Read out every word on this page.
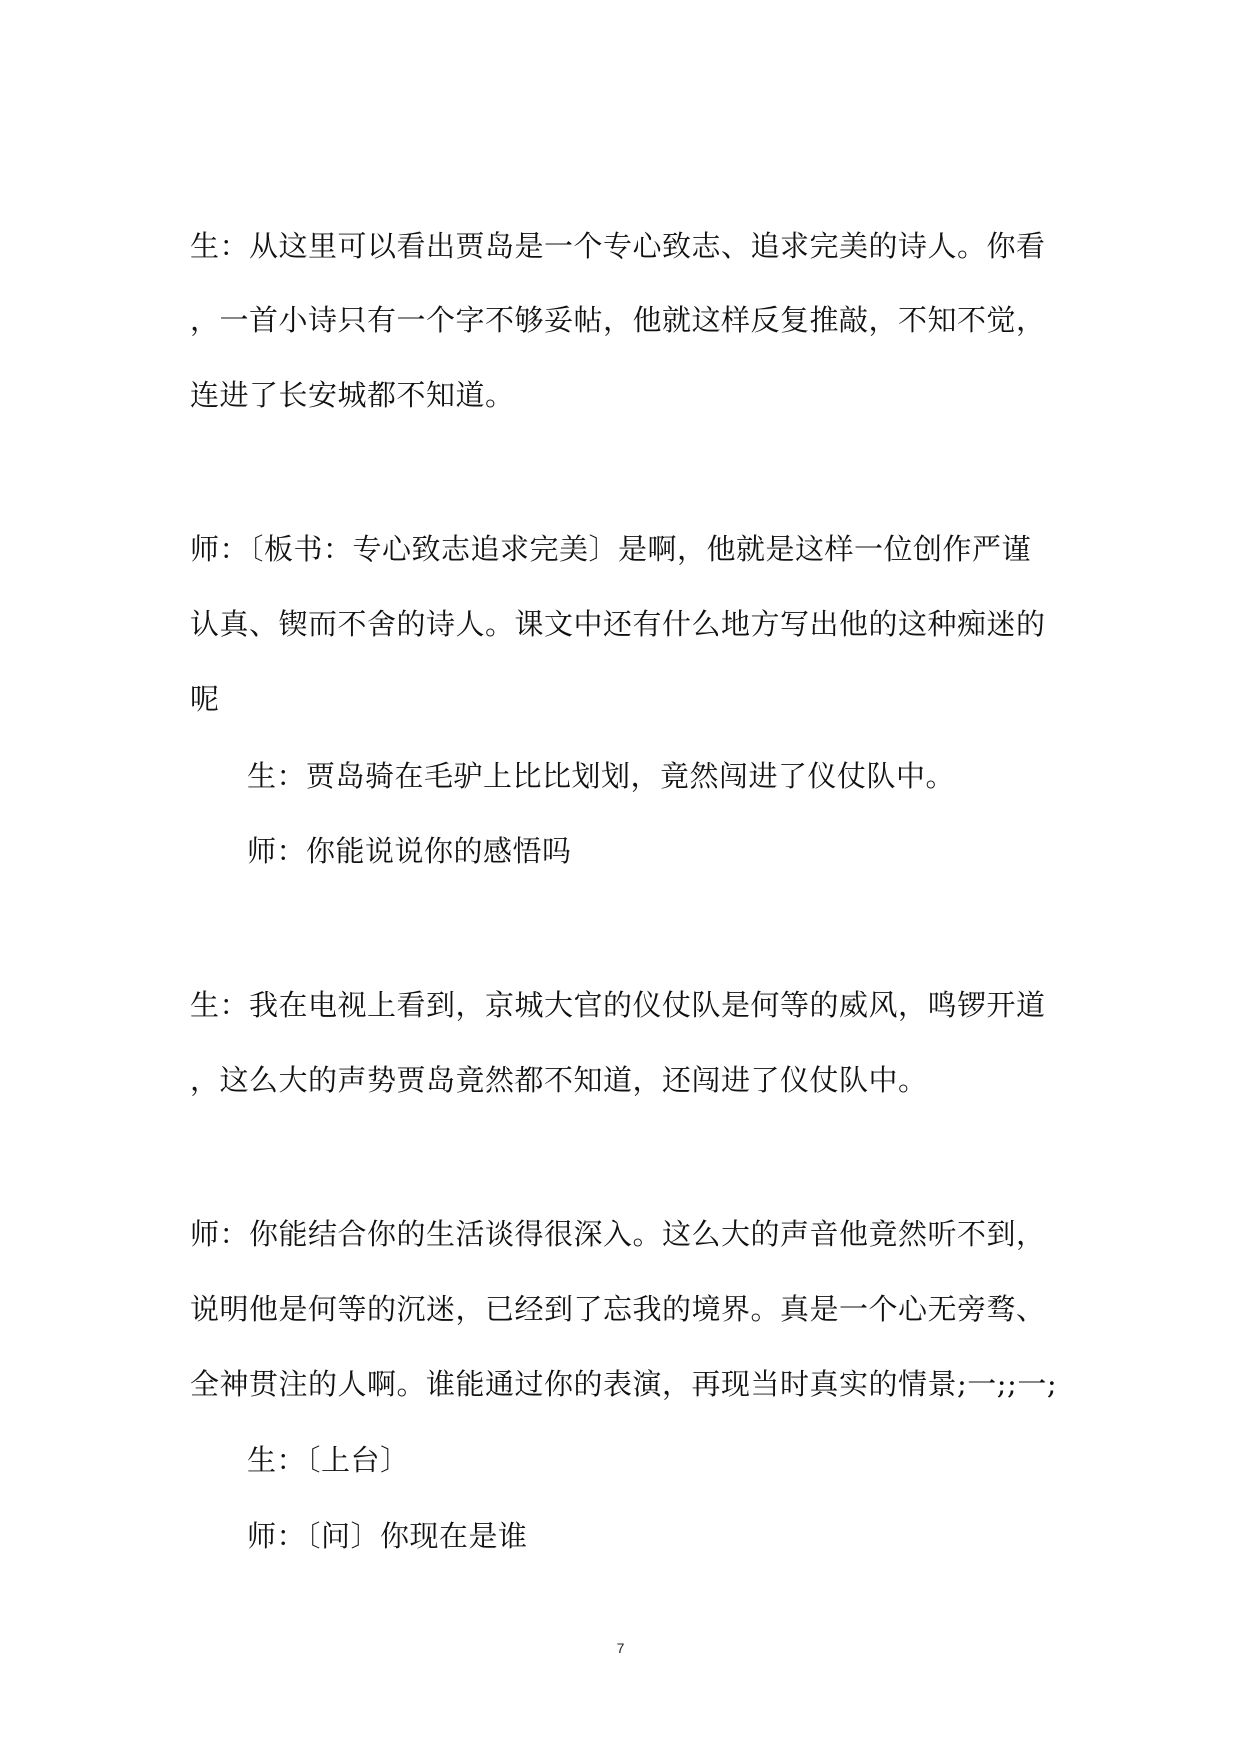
生：从这里可以看出贾岛是一个专心致志、追求完美的诗人。你看
，一首小诗只有一个字不够妥帖，他就这样反复推敲，不知不觉，
连进了长安城都不知道。
师：〔板书：专心致志追求完美〕是啊，他就是这样一位创作严谨
认真、锲而不舍的诗人。课文中还有什么地方写出他的这种痴迷的
呢
生：贾岛骑在毛驴上比比划划，竟然闯进了仪仗队中。
师：你能说说你的感悟吗
生：我在电视上看到，京城大官的仪仗队是何等的威风，鸣锣开道
，这么大的声势贾岛竟然都不知道，还闯进了仪仗队中。
师：你能结合你的生活谈得很深入。这么大的声音他竟然听不到，
说明他是何等的沉迷，已经到了忘我的境界。真是一个心无旁骛、
全神贯注的人啊。谁能通过你的表演，再现当时真实的情景;一;;一;
生：〔上台〕
师：〔问〕你现在是谁
7
